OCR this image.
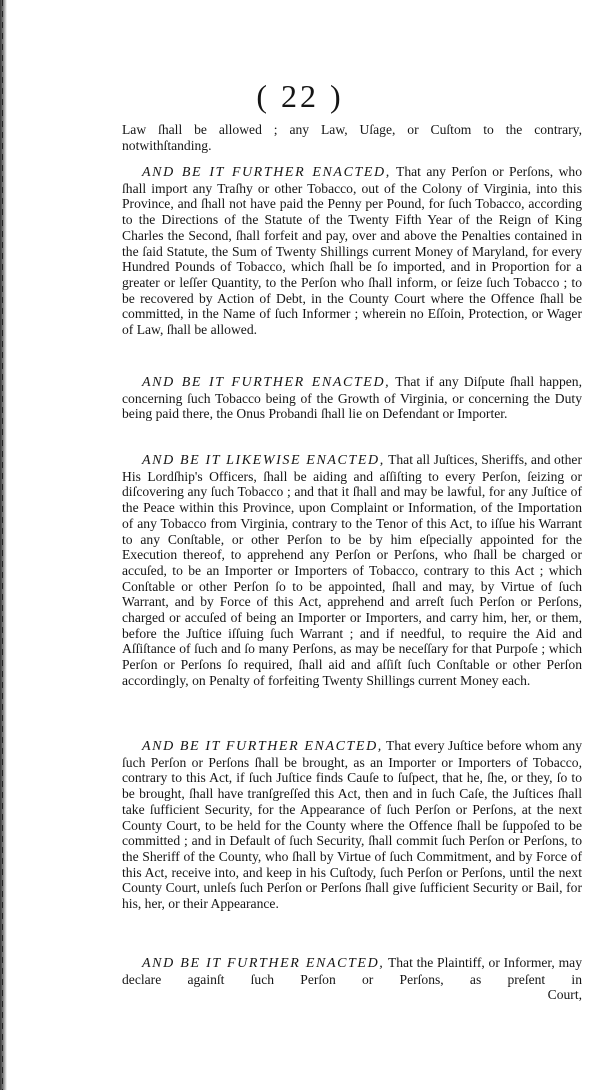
( 22 )

Law ſhall be allowed ; any Law, Uſage, or Cuſtom to the contrary,

notwithſtanding.

AND BE IT FURTHER ENACTED, That any Perſon or Perſons, who ſhall import any Traſhy or other Tobacco, out of the Colony of Virginia, into this Province, and ſhall not have paid the Penny per Pound, for ſuch Tobacco, according to the Directions of the Statute of the Twenty Fifth Year of the Reign of King Charles the Second, ſhall forfeit and pay, over and above the Penalties contained in the ſaid Statute, the Sum of Twenty Shillings current Money of Maryland, for every Hundred Pounds of Tobacco, which ſhall be ſo imported, and in Proportion for a greater or leſſer Quantity, to the Perſon who ſhall inform, or ſeize ſuch Tobacco ; to be recovered by Action of Debt, in the County Court where the Offence ſhall be committed, in the Name of ſuch Informer ; wherein no Eſſoin, Protection, or Wager of Law, ſhall be allowed.

AND BE IT FURTHER ENACTED, That if any Diſpute ſhall happen, concerning ſuch Tobacco being of the Growth of Virginia, or concerning the Duty being paid there, the Onus Probandi ſhall lie on Defendant or Importer.

AND BE IT LIKEWISE ENACTED, That all Juſtices, Sheriffs, and other His Lordſhip's Officers, ſhall be aiding and aſſiſting to every Perſon, ſeizing or diſcovering any ſuch Tobacco ; and that it ſhall and may be lawful, for any Juſtice of the Peace within this Province, upon Complaint or Information, of the Importation of any Tobacco from Virginia, contrary to the Tenor of this Act, to iſſue his Warrant to any Conſtable, or other Perſon to be by him eſpecially appointed for the Execution thereof, to apprehend any Perſon or Perſons, who ſhall be charged or accuſed, to be an Importer or Importers of Tobacco, contrary to this Act ; which Conſtable or other Perſon ſo to be appointed, ſhall and may, by Virtue of ſuch Warrant, and by Force of this Act, apprehend and arreſt ſuch Perſon or Perſons, charged or accuſed of being an Importer or Importers, and carry him, her, or them, before the Juſtice iſſuing ſuch Warrant ; and if needful, to require the Aid and Aſſiſtance of ſuch and ſo many Perſons, as may be neceſſary for that Purpoſe ; which Perſon or Perſons ſo required, ſhall aid and aſſiſt ſuch Conſtable or other Perſon accordingly, on Penalty of forfeiting Twenty Shillings current Money each.

AND BE IT FURTHER ENACTED, That every Juſtice before whom any ſuch Perſon or Perſons ſhall be brought, as an Importer or Importers of Tobacco, contrary to this Act, if ſuch Juſtice finds Cauſe to ſuſpect, that he, ſhe, or they, ſo to be brought, ſhall have tranſgreſſed this Act, then and in ſuch Caſe, the Juſtices ſhall take ſufficient Security, for the Appearance of ſuch Perſon or Perſons, at the next County Court, to be held for the County where the Offence ſhall be ſuppoſed to be committed ; and in Default of ſuch Security, ſhall commit ſuch Perſon or Perſons, to the Sheriff of the County, who ſhall by Virtue of ſuch Commitment, and by Force of this Act, receive into, and keep in his Cuſtody, ſuch Perſon or Perſons, until the next County Court, unleſs ſuch Perſon or Perſons ſhall give ſufficient Security or Bail, for his, her, or their Appearance.

AND BE IT FURTHER ENACTED, That the Plaintiff, or Informer, may declare againſt ſuch Perſon or Perſons, as preſent in

Court,
